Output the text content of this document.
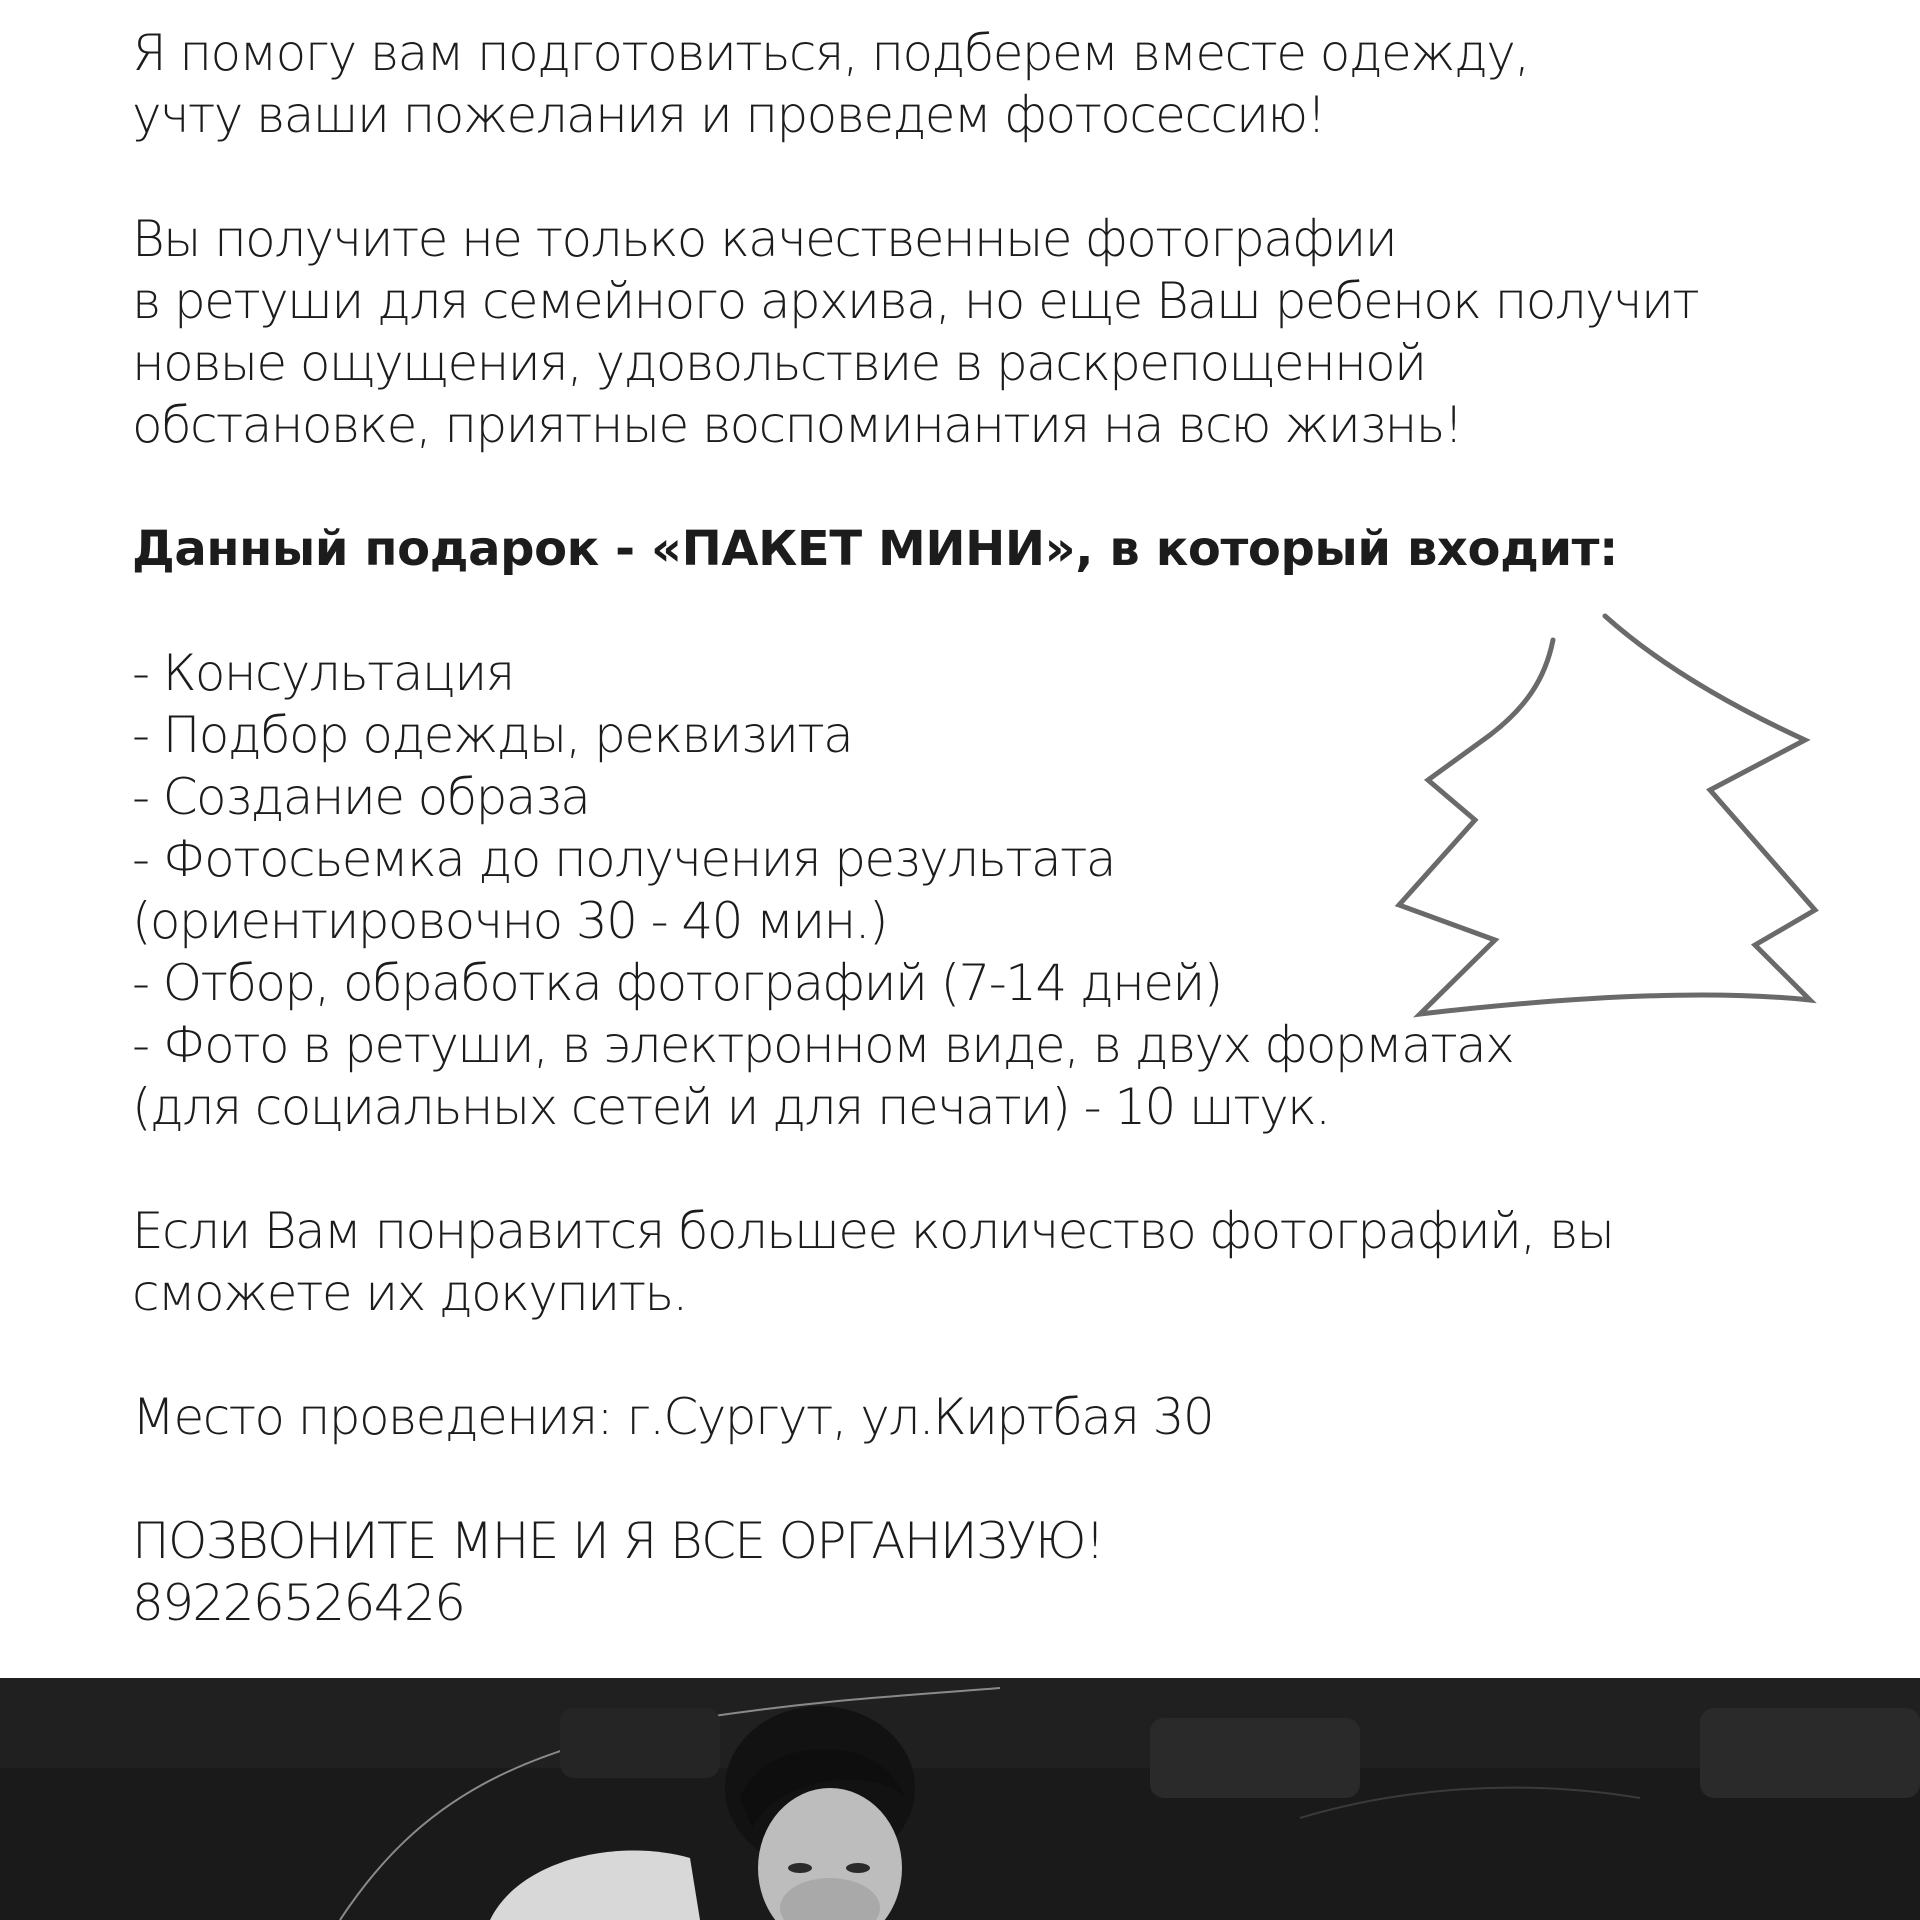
Я помогу вам подготовиться, подберем вместе одежду,
учту ваши пожелания и проведем фотосессию!
Вы получите не только качественные фотографии
в ретуши для семейного архива, но еще Ваш ребенок получит
новые ощущения, удовольствие в раскрепощенной
обстановке, приятные воспоминантия на всю жизнь!
Данный подарок - «ПАКЕТ МИНИ», в который входит:
- Консультация
- Подбор одежды, реквизита
- Создание образа
- Фотосьемка до получения результата
(ориентировочно 30 - 40 мин.)
- Отбор, обработка фотографий (7-14 дней)
- Фото в ретуши, в электронном виде, в двух форматах
(для социальных сетей и для печати) - 10 штук.
Если Вам понравится большее количество фотографий, вы
сможете их докупить.
Место проведения: г.Сургут, ул.Киртбая 30
ПОЗВОНИТЕ МНЕ И Я ВСЕ ОРГАНИЗУЮ!
89226526426
